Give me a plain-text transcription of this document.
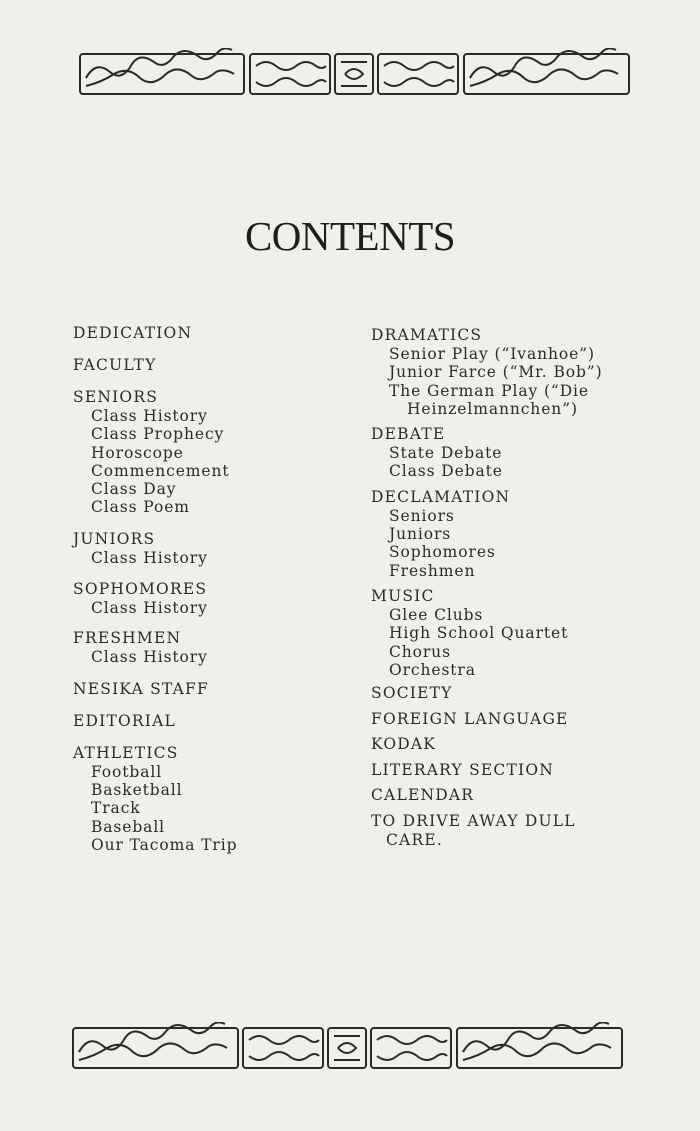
CONTENTS
DEDICATION
FACULTY
SENIORS
Class History
Class Prophecy
Horoscope
Commencement
Class Day
Class Poem
JUNIORS
Class History
SOPHOMORES
Class History
FRESHMEN
Class History
NESIKA STAFF
EDITORIAL
ATHLETICS
Football
Basketball
Track
Baseball
Our Tacoma Trip
DRAMATICS
Senior Play (“Ivanhoe”)
Junior Farce (“Mr. Bob”)
The German Play (“Die
Heinzelmannchen”)
DEBATE
State Debate
Class Debate
DECLAMATION
Seniors
Juniors
Sophomores
Freshmen
MUSIC
Glee Clubs
High School Quartet
Chorus
Orchestra
SOCIETY
FOREIGN LANGUAGE
KODAK
LITERARY SECTION
CALENDAR
TO DRIVE AWAY DULL
CARE.
